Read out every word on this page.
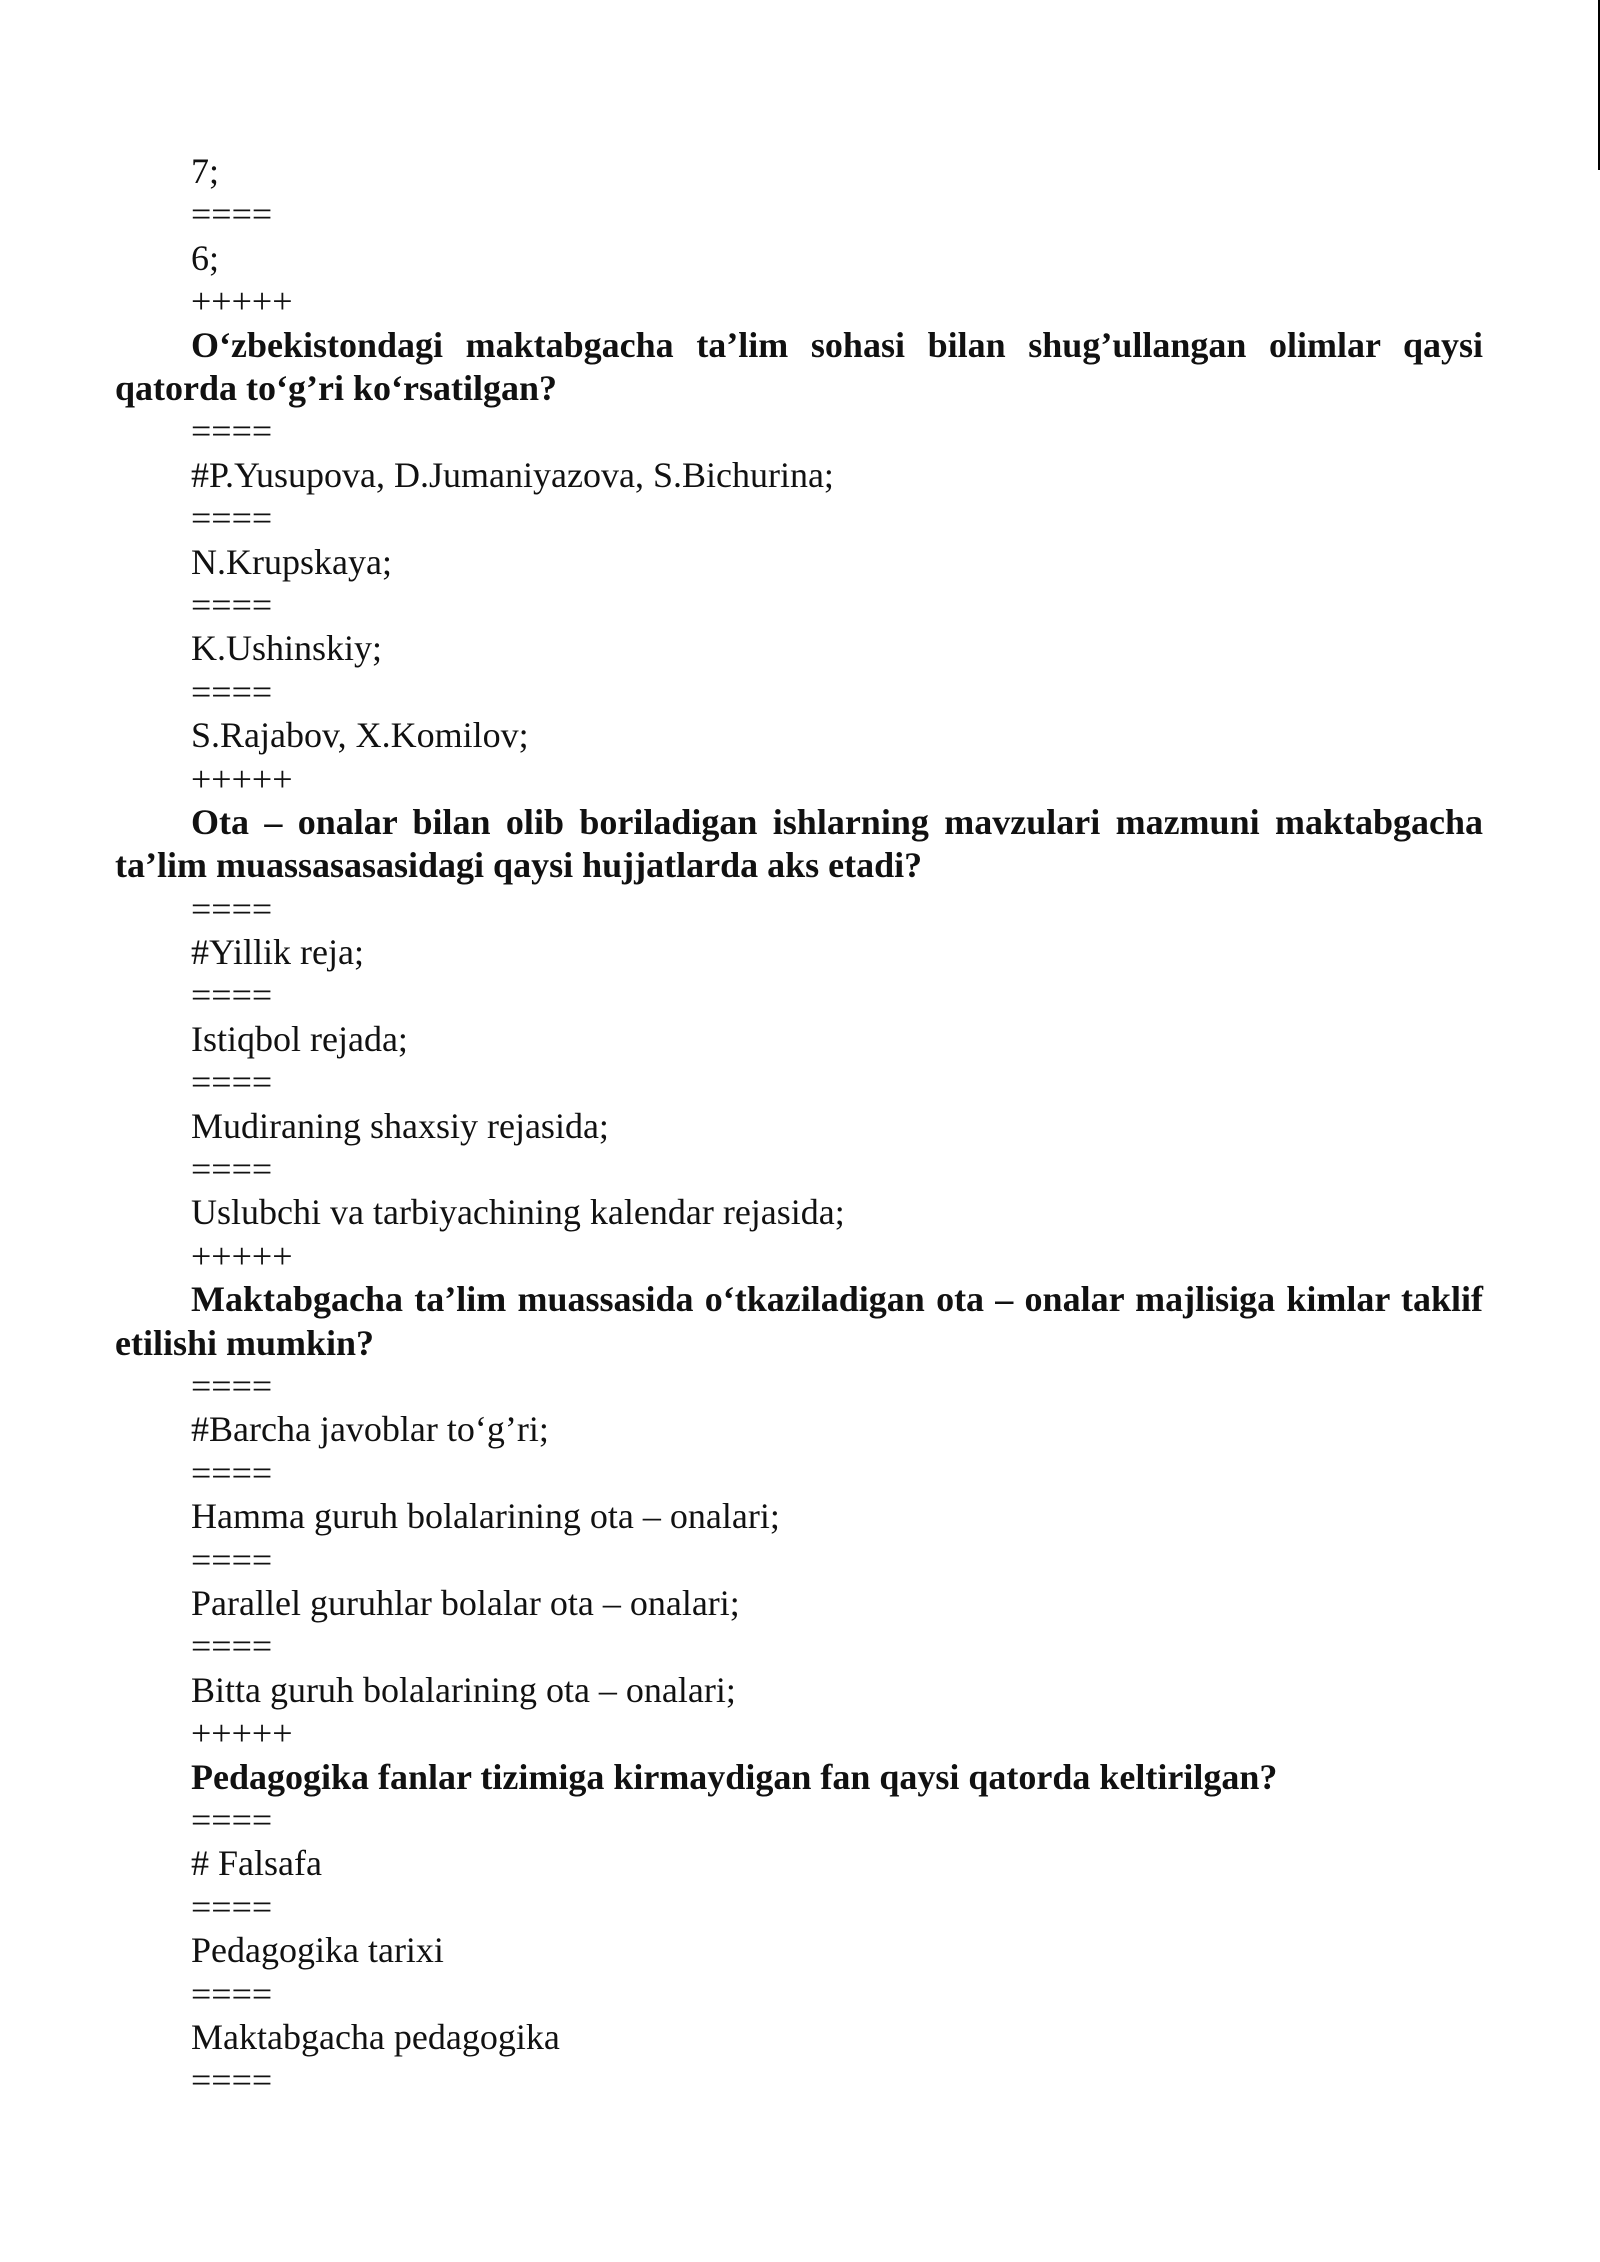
7;
====
6;
+++++
O‘zbekistondagi maktabgacha ta’lim sohasi bilan shug’ullangan olimlar qaysi qatorda to‘g’ri ko‘rsatilgan?
====
#P.Yusupova, D.Jumaniyazova, S.Bichurina;
====
N.Krupskaya;
====
K.Ushinskiy;
====
S.Rajabov, X.Komilov;
+++++
Ota – onalar bilan olib boriladigan ishlarning mavzulari mazmuni maktabgacha ta’lim muassasasasidagi qaysi hujjatlarda aks etadi?
====
#Yillik reja;
====
Istiqbol rejada;
====
Mudiraning shaxsiy rejasida;
====
Uslubchi va tarbiyachining kalendar rejasida;
+++++
Maktabgacha ta’lim muassasida o‘tkaziladigan ota – onalar majlisiga kimlar taklif etilishi mumkin?
====
#Barcha javoblar to‘g’ri;
====
Hamma guruh bolalarining ota – onalari;
====
Parallel guruhlar bolalar ota – onalari;
====
Bitta guruh bolalarining ota – onalari;
+++++
Pedagogika fanlar tizimiga kirmaydigan fan qaysi qatorda keltirilgan?
====
# Falsafa
====
Pedagogika tarixi
====
Maktabgacha pedagogika
====
